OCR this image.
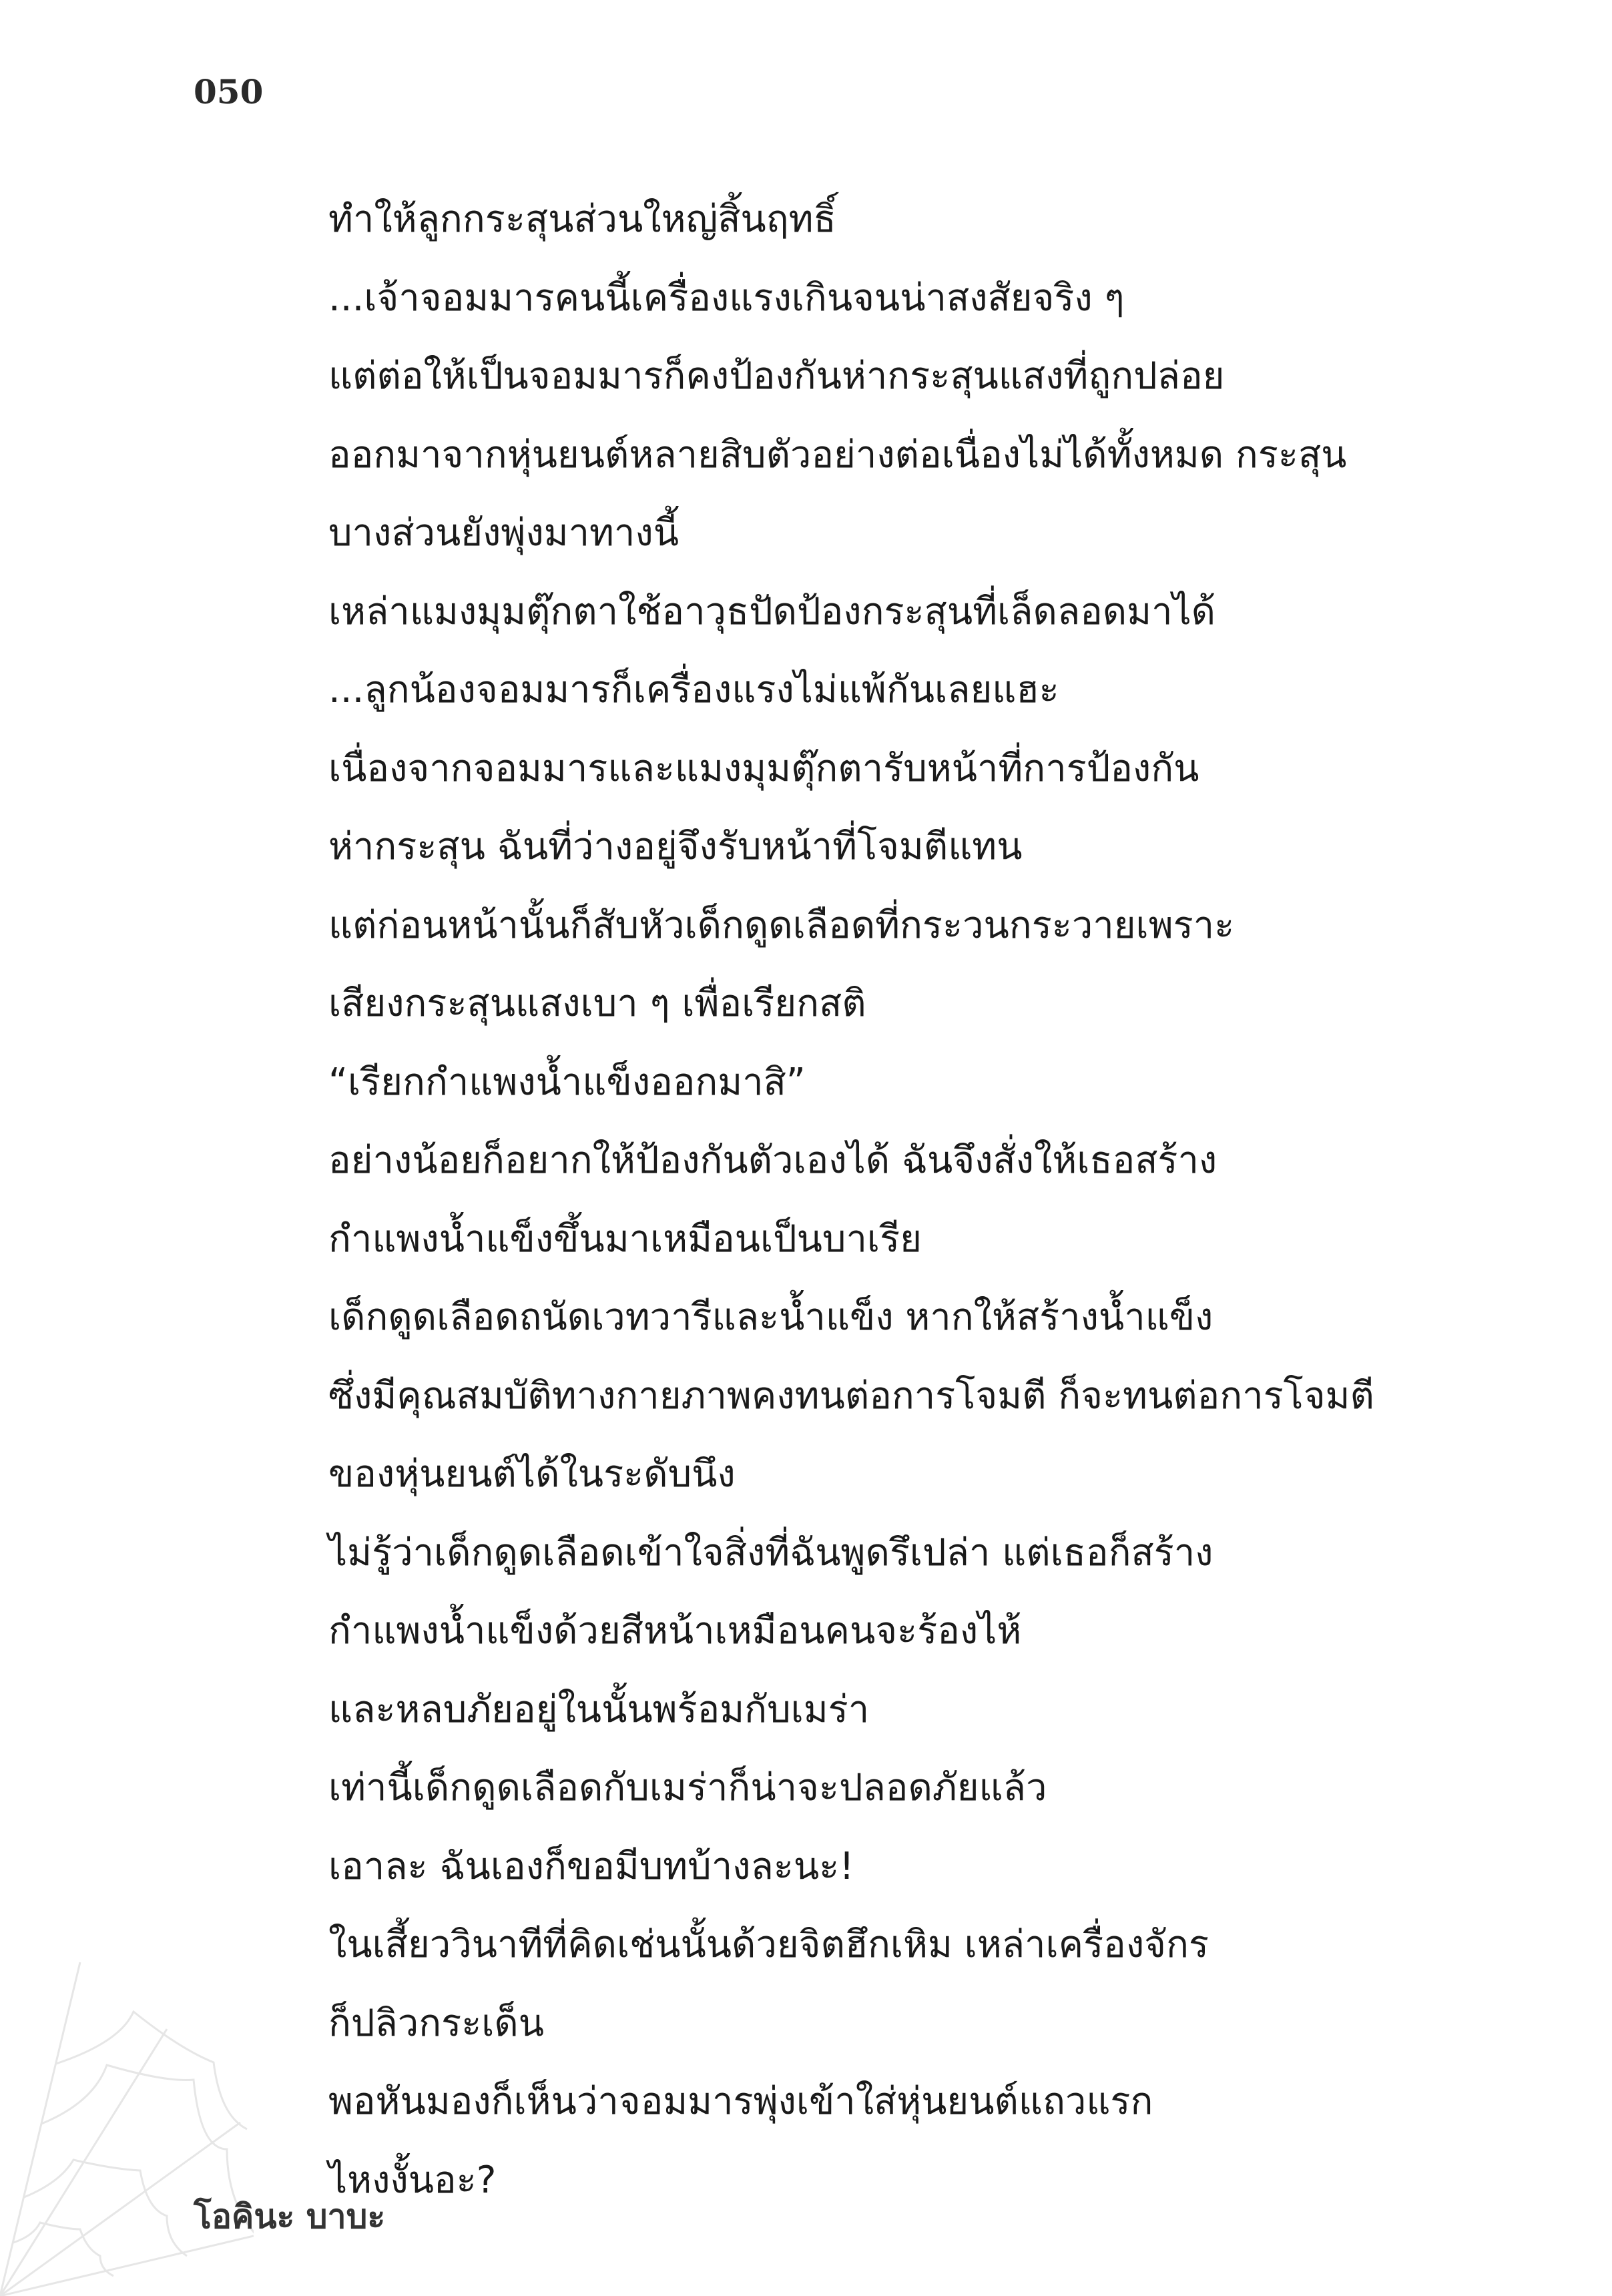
050

ทำให้ลูกกระสุนส่วนใหญ่สิ้นฤทธิ์

...เจ้าจอมมารคนนี้เครื่องแรงเกินจนน่าสงสัยจริง ๆ

แต่ต่อให้เป็นจอมมารก็คงป้องกันห่ากระสุนแสงที่ถูกปล่อย
ออกมาจากหุ่นยนต์หลายสิบตัวอย่างต่อเนื่องไม่ได้ทั้งหมด กระสุน
บางส่วนยังพุ่งมาทางนี้

เหล่าแมงมุมตุ๊กตาใช้อาวุธปัดป้องกระสุนที่เล็ดลอดมาได้

...ลูกน้องจอมมารก็เครื่องแรงไม่แพ้กันเลยแฮะ

เนื่องจากจอมมารและแมงมุมตุ๊กตารับหน้าที่การป้องกัน
ห่ากระสุน ฉันที่ว่างอยู่จึงรับหน้าที่โจมตีแทน

แต่ก่อนหน้านั้นก็สับหัวเด็กดูดเลือดที่กระวนกระวายเพราะ
เสียงกระสุนแสงเบา ๆ เพื่อเรียกสติ

“เรียกกำแพงน้ำแข็งออกมาสิ”

อย่างน้อยก็อยากให้ป้องกันตัวเองได้ ฉันจึงสั่งให้เธอสร้าง
กำแพงน้ำแข็งขึ้นมาเหมือนเป็นบาเรีย

เด็กดูดเลือดถนัดเวทวารีและน้ำแข็ง หากให้สร้างน้ำแข็ง
ซึ่งมีคุณสมบัติทางกายภาพคงทนต่อการโจมตี ก็จะทนต่อการโจมตี
ของหุ่นยนต์ได้ในระดับนึง

ไม่รู้ว่าเด็กดูดเลือดเข้าใจสิ่งที่ฉันพูดรึเปล่า แต่เธอก็สร้าง
กำแพงน้ำแข็งด้วยสีหน้าเหมือนคนจะร้องไห้

และหลบภัยอยู่ในนั้นพร้อมกับเมร่า

เท่านี้เด็กดูดเลือดกับเมร่าก็น่าจะปลอดภัยแล้ว

เอาละ ฉันเองก็ขอมีบทบ้างละนะ!

ในเสี้ยววินาทีที่คิดเช่นนั้นด้วยจิตฮึกเหิม เหล่าเครื่องจักร
ก็ปลิวกระเด็น

พอหันมองก็เห็นว่าจอมมารพุ่งเข้าใส่หุ่นยนต์แถวแรก

ไหงงั้นอะ?

โอคินะ บาบะ
